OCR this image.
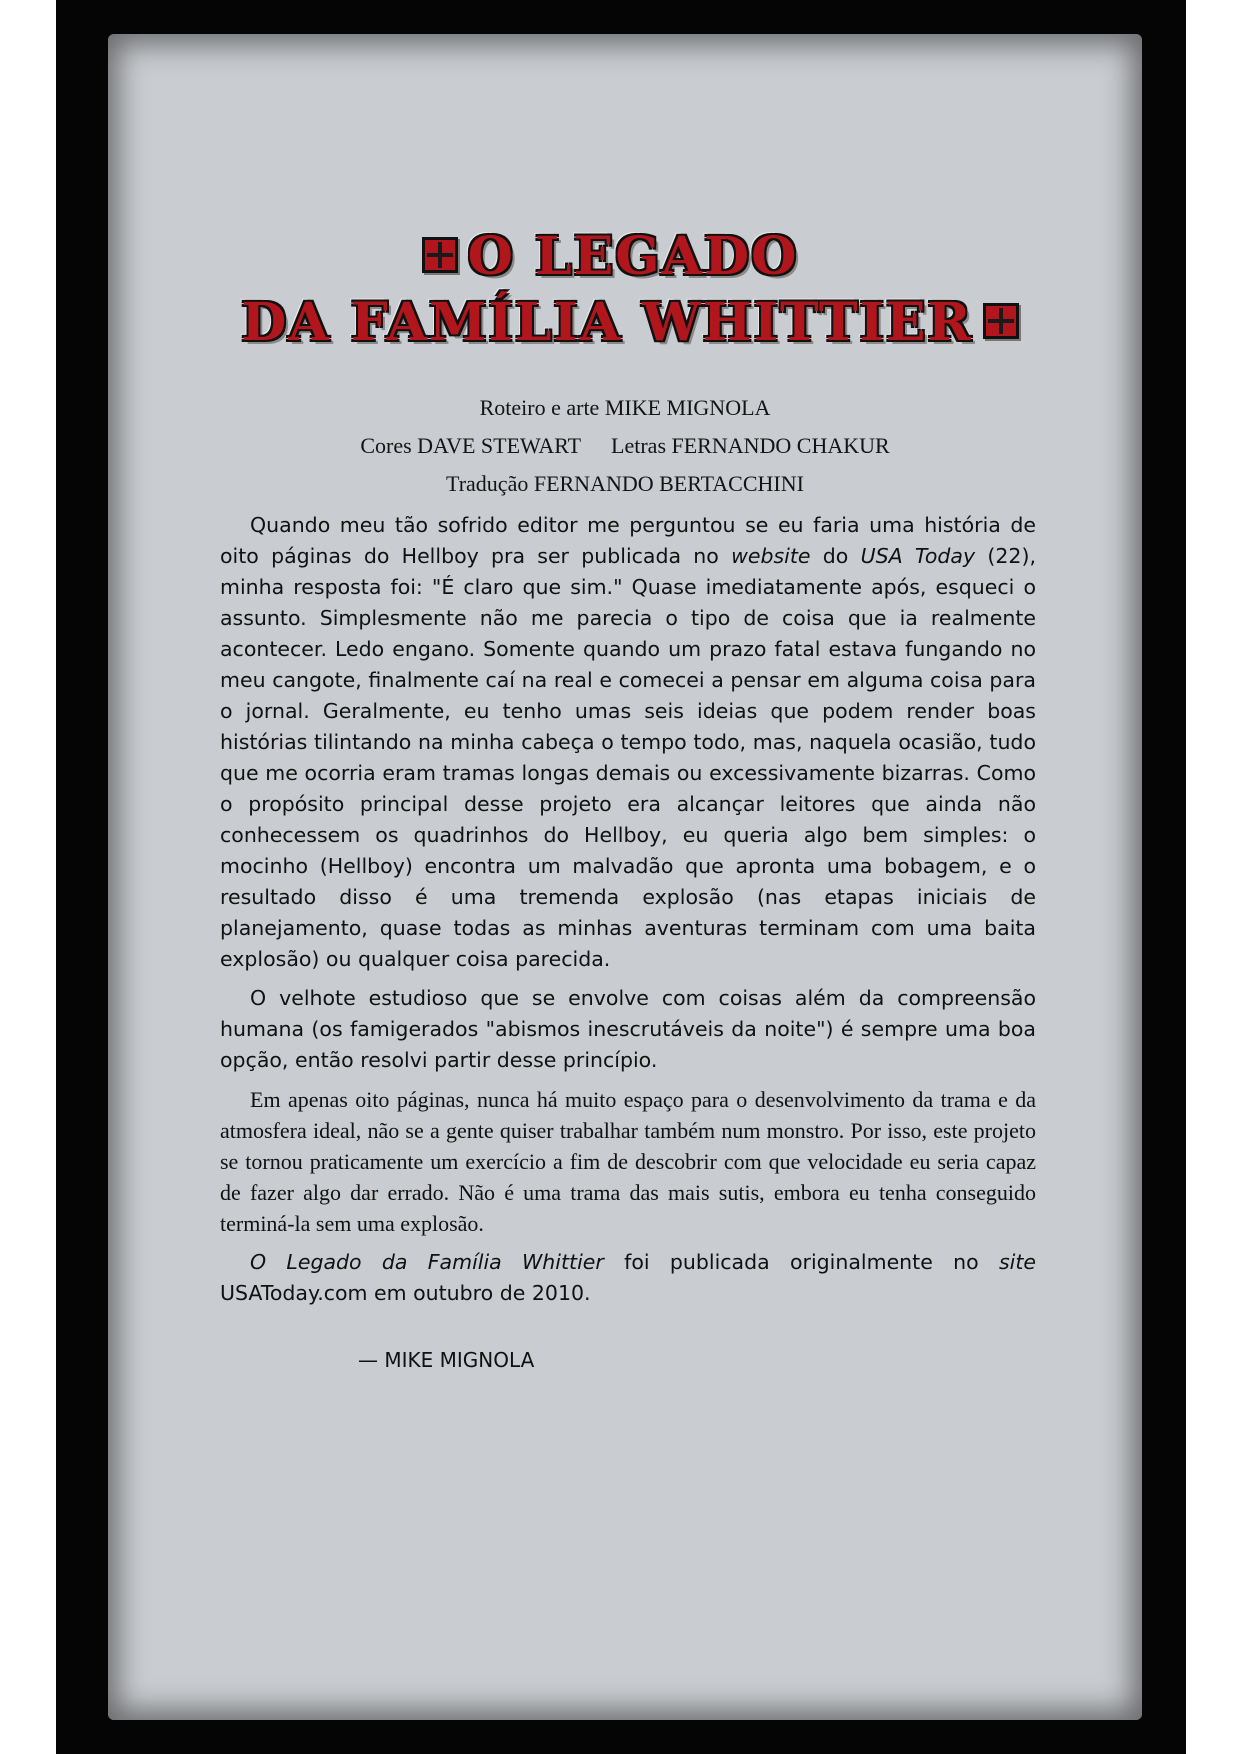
O LEGADO
DA FAMÍLIA WHITTIER
Roteiro e arte MIKE MIGNOLA
Cores DAVE STEWART Letras FERNANDO CHAKUR
Tradução FERNANDO BERTACCHINI

Quando meu tão sofrido editor me perguntou se eu faria uma história de oito páginas do Hellboy pra ser publicada no website do USA Today (22), minha resposta foi: "É claro que sim." Quase imediatamente após, esqueci o assunto. Simplesmente não me parecia o tipo de coisa que ia realmente acontecer. Ledo engano. Somente quando um prazo fatal estava fungando no meu cangote, finalmente caí na real e comecei a pensar em alguma coisa para o jornal. Geralmente, eu tenho umas seis ideias que podem render boas histórias tilintando na minha cabeça o tempo todo, mas, naquela ocasião, tudo que me ocorria eram tramas longas demais ou excessivamente bizarras. Como o propósito principal desse projeto era alcançar leitores que ainda não conhecessem os quadrinhos do Hellboy, eu queria algo bem simples: o mocinho (Hellboy) encontra um malvadão que apronta uma bobagem, e o resultado disso é uma tremenda explosão (nas etapas iniciais de planejamento, quase todas as minhas aventuras terminam com uma baita explosão) ou qualquer coisa parecida.

O velhote estudioso que se envolve com coisas além da compreensão humana (os famigerados "abismos inescrutáveis da noite") é sempre uma boa opção, então resolvi partir desse princípio.

Em apenas oito páginas, nunca há muito espaço para o desenvolvimento da trama e da atmosfera ideal, não se a gente quiser trabalhar também num monstro. Por isso, este projeto se tornou praticamente um exercício a fim de descobrir com que velocidade eu seria capaz de fazer algo dar errado. Não é uma trama das mais sutis, embora eu tenha conseguido terminá-la sem uma explosão.

O Legado da Família Whittier foi publicada originalmente no site USAToday.com em outubro de 2010.

— MIKE MIGNOLA
